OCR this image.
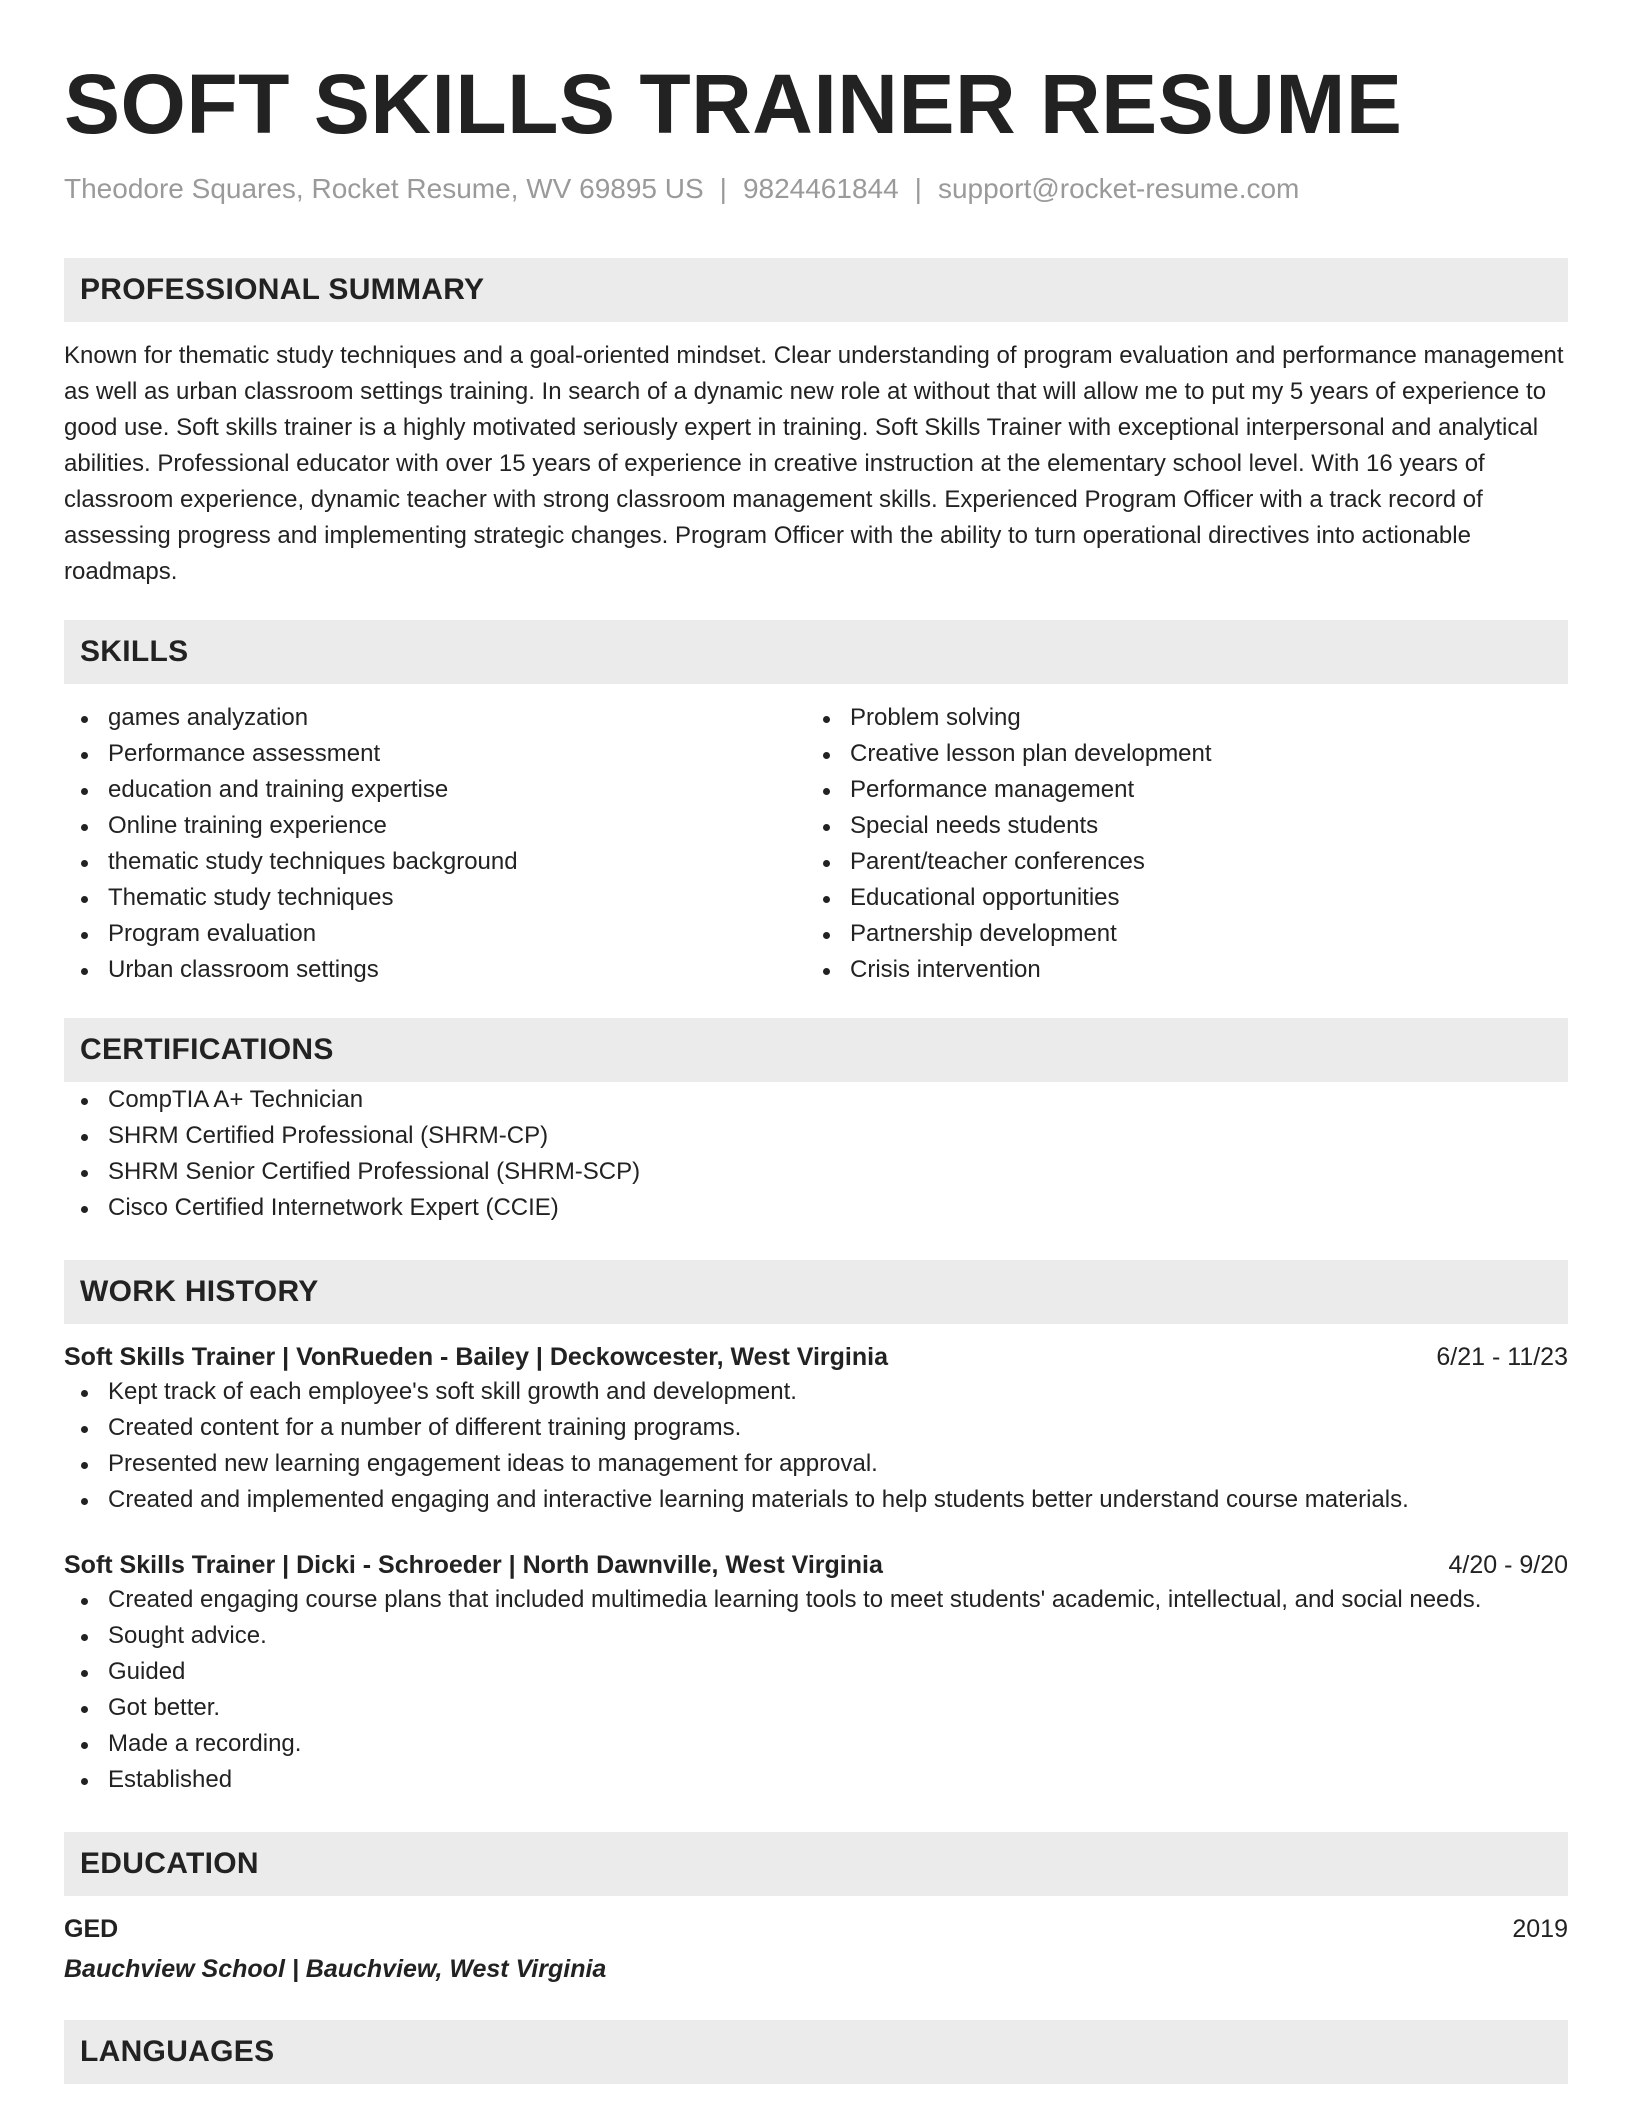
SOFT SKILLS TRAINER RESUME
Theodore Squares, Rocket Resume, WV 69895 US | 9824461844 | support@rocket-resume.com
PROFESSIONAL SUMMARY

Known for thematic study techniques and a goal-oriented mindset. Clear understanding of program evaluation and performance management as well as urban classroom settings training. In search of a dynamic new role at without that will allow me to put my 5 years of experience to good use. Soft skills trainer is a highly motivated seriously expert in training. Soft Skills Trainer with exceptional interpersonal and analytical abilities. Professional educator with over 15 years of experience in creative instruction at the elementary school level. With 16 years of classroom experience, dynamic teacher with strong classroom management skills. Experienced Program Officer with a track record of assessing progress and implementing strategic changes. Program Officer with the ability to turn operational directives into actionable roadmaps.

SKILLS
games analyzation
Performance assessment
education and training expertise
Online training experience
thematic study techniques background
Thematic study techniques
Program evaluation
Urban classroom settings
Problem solving
Creative lesson plan development
Performance management
Special needs students
Parent/teacher conferences
Educational opportunities
Partnership development
Crisis intervention
CERTIFICATIONS
CompTIA A+ Technician
SHRM Certified Professional (SHRM-CP)
SHRM Senior Certified Professional (SHRM-SCP)
Cisco Certified Internetwork Expert (CCIE)
WORK HISTORY
Soft Skills Trainer | VonRueden - Bailey | Deckowcester, West Virginia	6/21 - 11/23
Kept track of each employee's soft skill growth and development.
Created content for a number of different training programs.
Presented new learning engagement ideas to management for approval.
Created and implemented engaging and interactive learning materials to help students better understand course materials.
Soft Skills Trainer | Dicki - Schroeder | North Dawnville, West Virginia	4/20 - 9/20
Created engaging course plans that included multimedia learning tools to meet students' academic, intellectual, and social needs.
Sought advice.
Guided
Got better.
Made a recording.
Established
EDUCATION
GED	2019
Bauchview School | Bauchview, West Virginia
LANGUAGES
